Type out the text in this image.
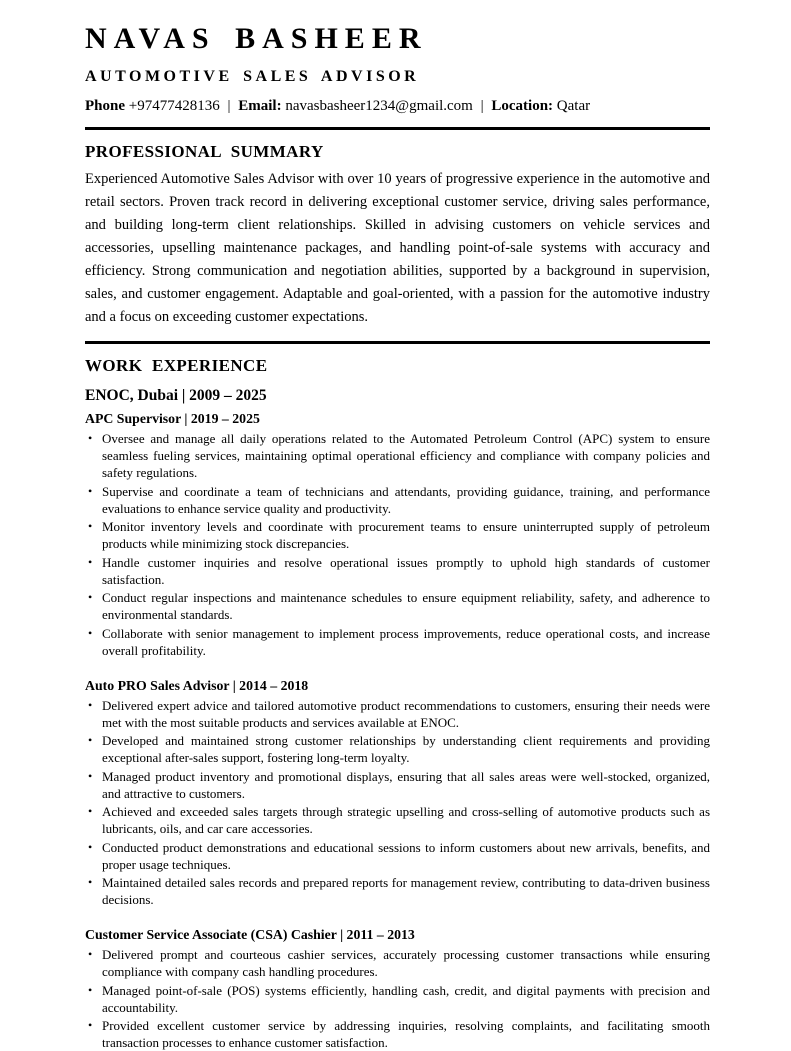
NAVAS BASHEER
AUTOMOTIVE SALES ADVISOR

Phone +97477428136 | Email: navasbasheer1234@gmail.com | Location: Qatar

PROFESSIONAL SUMMARY

Experienced Automotive Sales Advisor with over 10 years of progressive experience in the automotive and retail sectors. Proven track record in delivering exceptional customer service, driving sales performance, and building long-term client relationships. Skilled in advising customers on vehicle services and accessories, upselling maintenance packages, and handling point-of-sale systems with accuracy and efficiency. Strong communication and negotiation abilities, supported by a background in supervision, sales, and customer engagement. Adaptable and goal-oriented, with a passion for the automotive industry and a focus on exceeding customer expectations.

WORK EXPERIENCE

ENOC, Dubai | 2009 – 2025

APC Supervisor | 2019 – 2025

• Oversee and manage all daily operations related to the Automated Petroleum Control (APC) system to ensure seamless fueling services, maintaining optimal operational efficiency and compliance with company policies and safety regulations.
• Supervise and coordinate a team of technicians and attendants, providing guidance, training, and performance evaluations to enhance service quality and productivity.
• Monitor inventory levels and coordinate with procurement teams to ensure uninterrupted supply of petroleum products while minimizing stock discrepancies.
• Handle customer inquiries and resolve operational issues promptly to uphold high standards of customer satisfaction.
• Conduct regular inspections and maintenance schedules to ensure equipment reliability, safety, and adherence to environmental standards.
• Collaborate with senior management to implement process improvements, reduce operational costs, and increase overall profitability.

Auto PRO Sales Advisor | 2014 – 2018

• Delivered expert advice and tailored automotive product recommendations to customers, ensuring their needs were met with the most suitable products and services available at ENOC.
• Developed and maintained strong customer relationships by understanding client requirements and providing exceptional after-sales support, fostering long-term loyalty.
• Managed product inventory and promotional displays, ensuring that all sales areas were well-stocked, organized, and attractive to customers.
• Achieved and exceeded sales targets through strategic upselling and cross-selling of automotive products such as lubricants, oils, and car care accessories.
• Conducted product demonstrations and educational sessions to inform customers about new arrivals, benefits, and proper usage techniques.
• Maintained detailed sales records and prepared reports for management review, contributing to data-driven business decisions.

Customer Service Associate (CSA) Cashier | 2011 – 2013

• Delivered prompt and courteous cashier services, accurately processing customer transactions while ensuring compliance with company cash handling procedures.
• Managed point-of-sale (POS) systems efficiently, handling cash, credit, and digital payments with precision and accountability.
• Provided excellent customer service by addressing inquiries, resolving complaints, and facilitating smooth transaction processes to enhance customer satisfaction.
